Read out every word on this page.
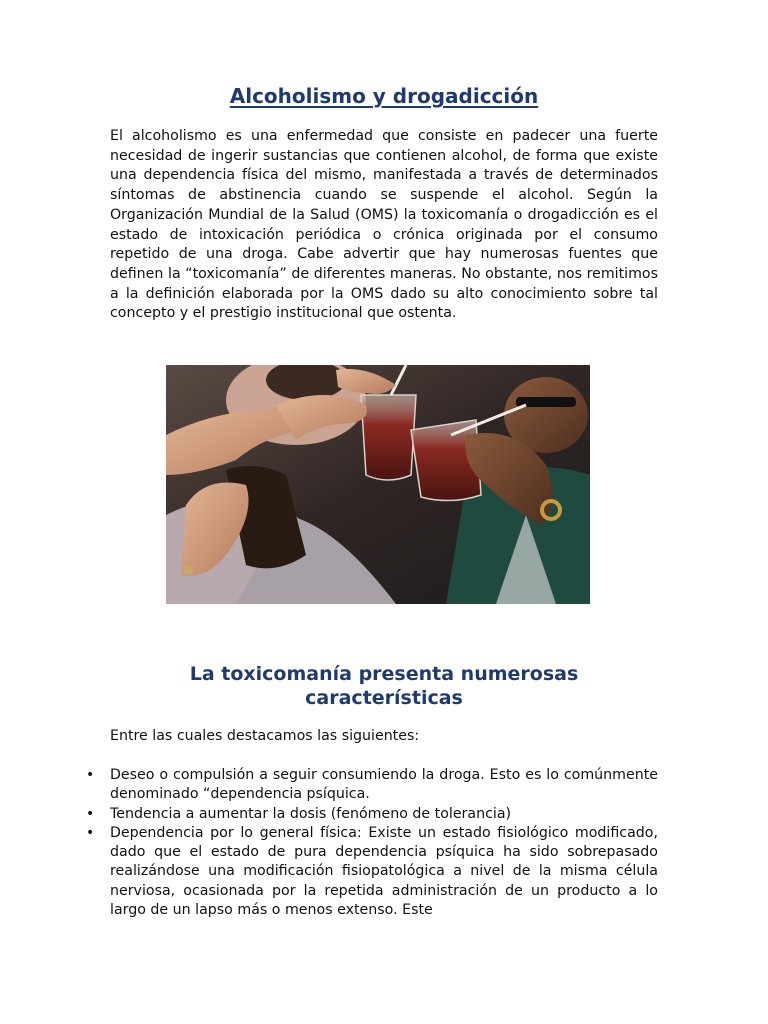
Alcoholismo y drogadicción

El alcoholismo es una enfermedad que consiste en padecer una fuerte necesidad de ingerir sustancias que contienen alcohol, de forma que existe una dependencia física del mismo, manifestada a través de determinados síntomas de abstinencia cuando se suspende el alcohol. Según la Organización Mundial de la Salud (OMS) la toxicomanía o drogadicción es el estado de intoxicación periódica o crónica originada por el consumo repetido de una droga. Cabe advertir que hay numerosas fuentes que definen la “toxicomanía” de diferentes maneras. No obstante, nos remitimos a la definición elaborada por la OMS dado su alto conocimiento sobre tal concepto y el prestigio institucional que ostenta.

La toxicomanía presenta numerosas
características

Entre las cuales destacamos las siguientes:

• Deseo o compulsión a seguir consumiendo la droga. Esto es lo comúnmente denominado “dependencia psíquica.
• Tendencia a aumentar la dosis (fenómeno de tolerancia)
• Dependencia por lo general física: Existe un estado fisiológico modificado, dado que el estado de pura dependencia psíquica ha sido sobrepasado realizándose una modificación fisiopatológica a nivel de la misma célula nerviosa, ocasionada por la repetida administración de un producto a lo largo de un lapso más o menos extenso. Este
